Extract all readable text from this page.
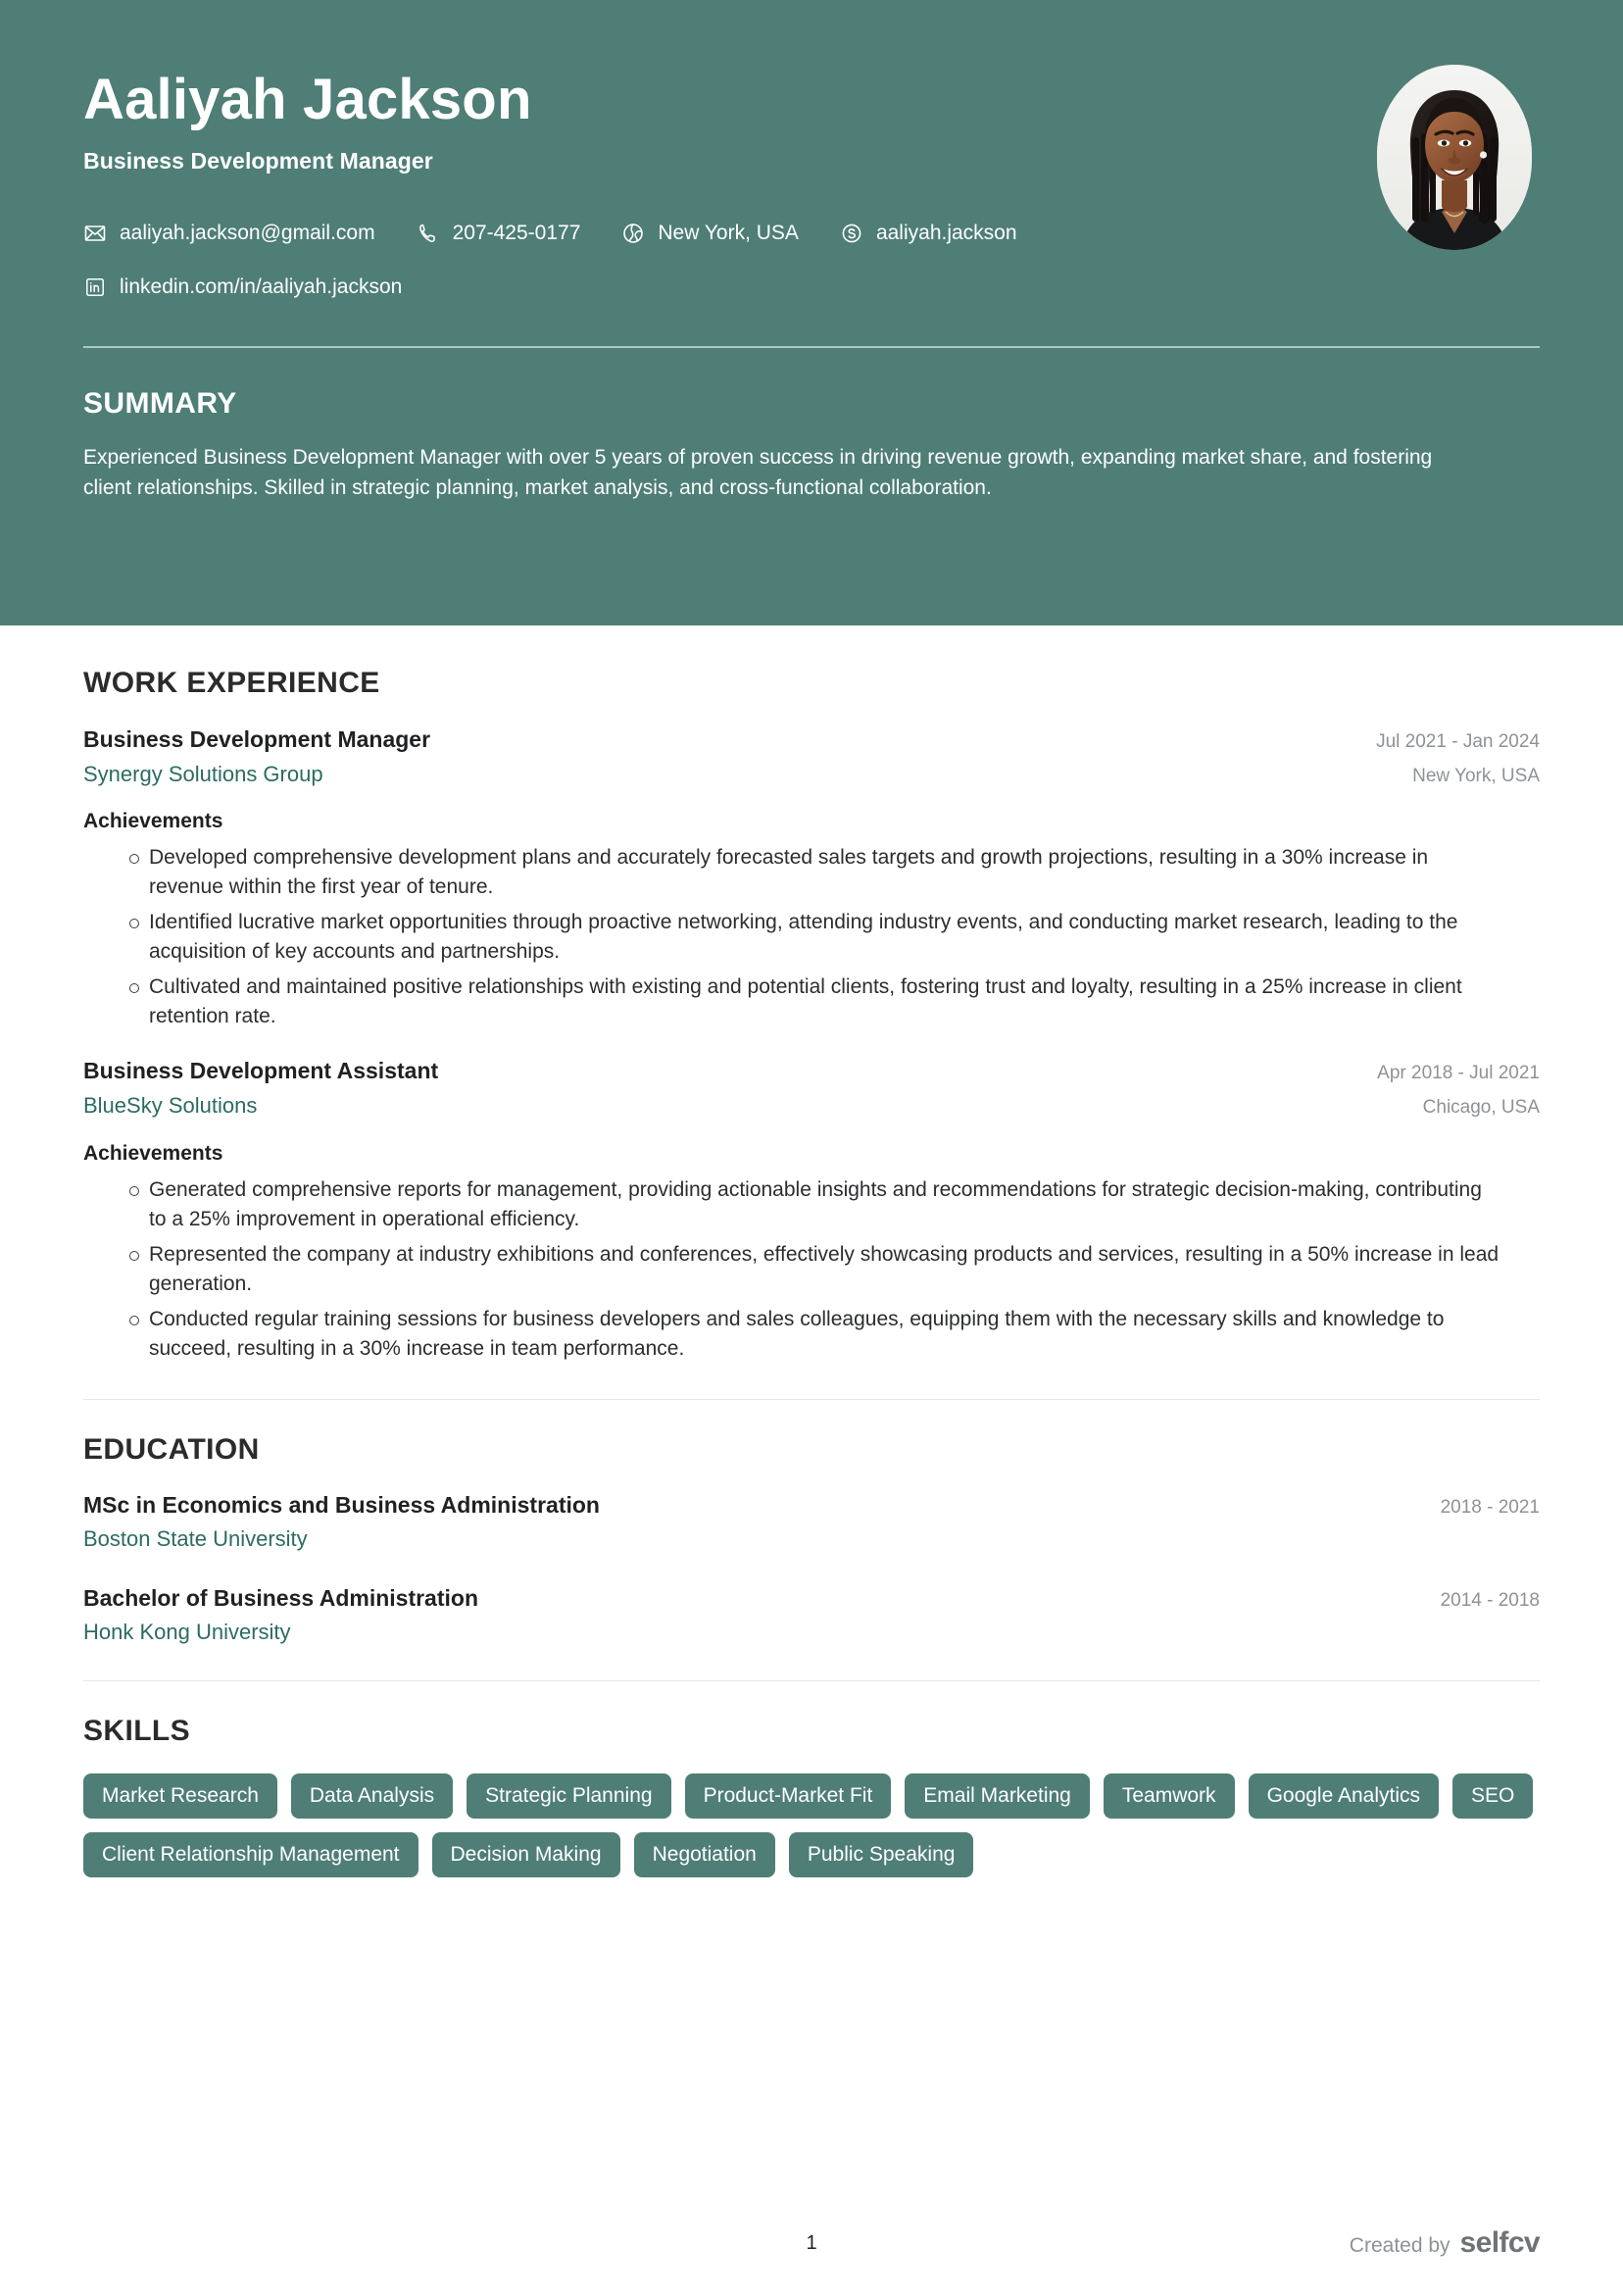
Aaliyah Jackson
Business Development Manager
aaliyah.jackson@gmail.com	207-425-0177	New York, USA	aaliyah.jackson
linkedin.com/in/aaliyah.jackson
SUMMARY
Experienced Business Development Manager with over 5 years of proven success in driving revenue growth, expanding market share, and fostering client relationships. Skilled in strategic planning, market analysis, and cross-functional collaboration.
WORK EXPERIENCE
Business Development Manager	Jul 2021 - Jan 2024
Synergy Solutions Group	New York, USA
Achievements
Developed comprehensive development plans and accurately forecasted sales targets and growth projections, resulting in a 30% increase in revenue within the first year of tenure.
Identified lucrative market opportunities through proactive networking, attending industry events, and conducting market research, leading to the acquisition of key accounts and partnerships.
Cultivated and maintained positive relationships with existing and potential clients, fostering trust and loyalty, resulting in a 25% increase in client retention rate.
Business Development Assistant	Apr 2018 - Jul 2021
BlueSky Solutions	Chicago, USA
Achievements
Generated comprehensive reports for management, providing actionable insights and recommendations for strategic decision-making, contributing to a 25% improvement in operational efficiency.
Represented the company at industry exhibitions and conferences, effectively showcasing products and services, resulting in a 50% increase in lead generation.
Conducted regular training sessions for business developers and sales colleagues, equipping them with the necessary skills and knowledge to succeed, resulting in a 30% increase in team performance.
EDUCATION
MSc in Economics and Business Administration	2018 - 2021
Boston State University
Bachelor of Business Administration	2014 - 2018
Honk Kong University
SKILLS
Market Research	Data Analysis	Strategic Planning	Product-Market Fit	Email Marketing	Teamwork	Google Analytics	SEO
Client Relationship Management	Decision Making	Negotiation	Public Speaking
1	Created by selfcv
